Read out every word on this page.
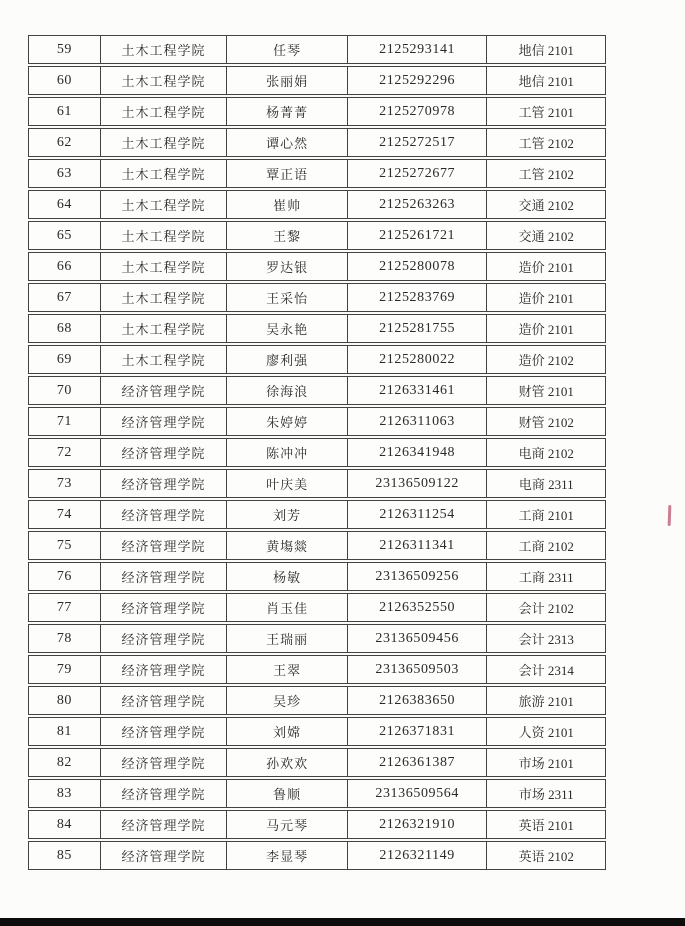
59	土木工程学院	任琴	2125293141	地信 2101
60	土木工程学院	张丽娟	2125292296	地信 2101
61	土木工程学院	杨菁菁	2125270978	工管 2101
62	土木工程学院	谭心然	2125272517	工管 2102
63	土木工程学院	覃正语	2125272677	工管 2102
64	土木工程学院	崔帅	2125263263	交通 2102
65	土木工程学院	王黎	2125261721	交通 2102
66	土木工程学院	罗达银	2125280078	造价 2101
67	土木工程学院	王采怡	2125283769	造价 2101
68	土木工程学院	吴永艳	2125281755	造价 2101
69	土木工程学院	廖利强	2125280022	造价 2102
70	经济管理学院	徐海浪	2126331461	财管 2101
71	经济管理学院	朱婷婷	2126311063	财管 2102
72	经济管理学院	陈冲冲	2126341948	电商 2102
73	经济管理学院	叶庆美	23136509122	电商 2311
74	经济管理学院	刘芳	2126311254	工商 2101
75	经济管理学院	黄塲燚	2126311341	工商 2102
76	经济管理学院	杨敏	23136509256	工商 2311
77	经济管理学院	肖玉佳	2126352550	会计 2102
78	经济管理学院	王瑞丽	23136509456	会计 2313
79	经济管理学院	王翠	23136509503	会计 2314
80	经济管理学院	吴珍	2126383650	旅游 2101
81	经济管理学院	刘嫦	2126371831	人资 2101
82	经济管理学院	孙欢欢	2126361387	市场 2101
83	经济管理学院	鲁顺	23136509564	市场 2311
84	经济管理学院	马元琴	2126321910	英语 2101
85	经济管理学院	李显琴	2126321149	英语 2102
